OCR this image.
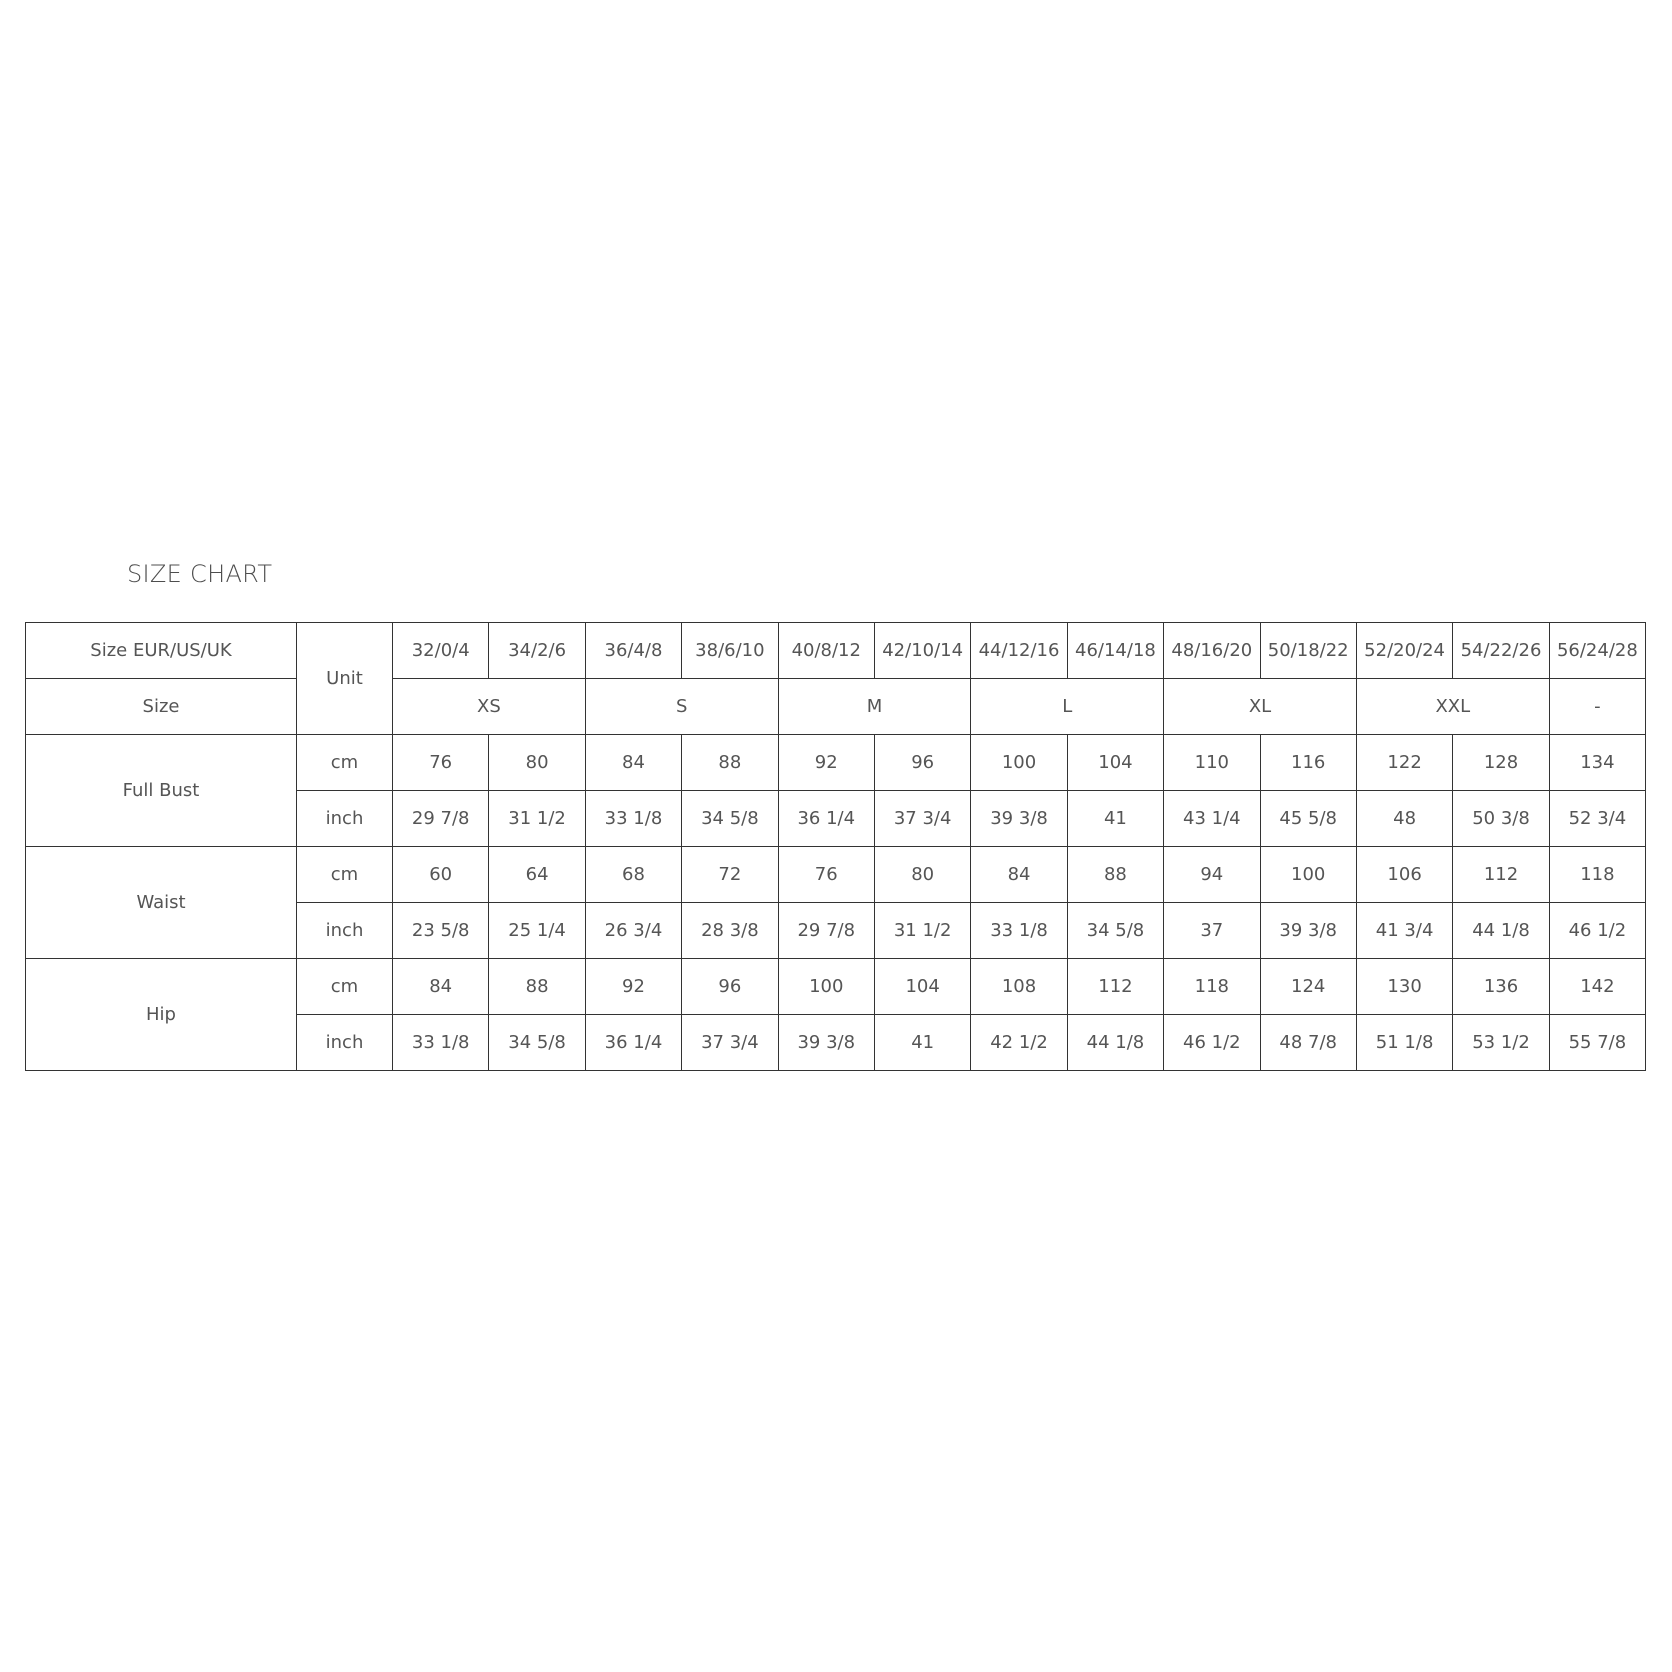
SIZE CHART
Size EUR/US/UK	Unit	32/0/4	34/2/6	36/4/8	38/6/10	40/8/12	42/10/14	44/12/16	46/14/18	48/16/20	50/18/22	52/20/24	54/22/26	56/24/28
Size		XS		S		M		L		XL		XXL		-
Full Bust	cm	76	80	84	88	92	96	100	104	110	116	122	128	134
	inch	29 7/8	31 1/2	33 1/8	34 5/8	36 1/4	37 3/4	39 3/8	41	43 1/4	45 5/8	48	50 3/8	52 3/4
Waist	cm	60	64	68	72	76	80	84	88	94	100	106	112	118
	inch	23 5/8	25 1/4	26 3/4	28 3/8	29 7/8	31 1/2	33 1/8	34 5/8	37	39 3/8	41 3/4	44 1/8	46 1/2
Hip	cm	84	88	92	96	100	104	108	112	118	124	130	136	142
	inch	33 1/8	34 5/8	36 1/4	37 3/4	39 3/8	41	42 1/2	44 1/8	46 1/2	48 7/8	51 1/8	53 1/2	55 7/8
